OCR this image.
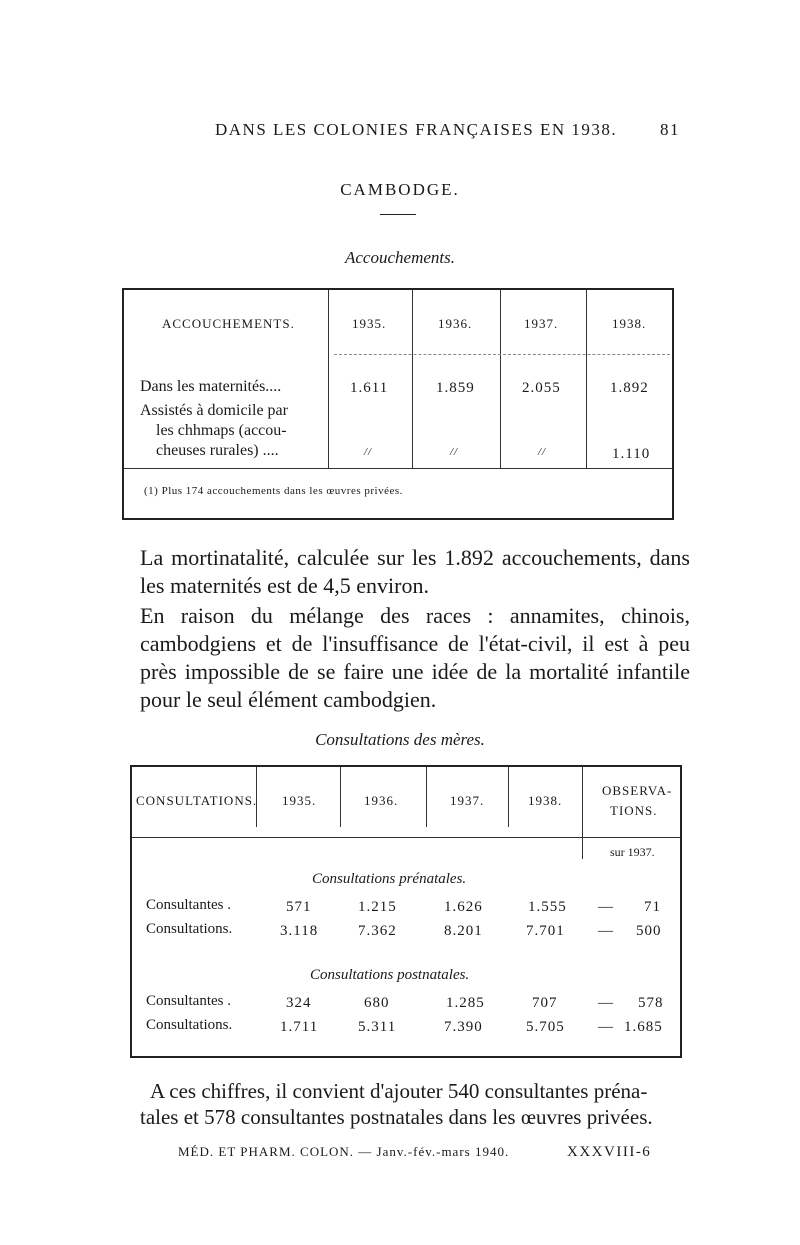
DANS LES COLONIES FRANÇAISES EN 1938.	81
CAMBODGE.
Accouchements.
ACCOUCHEMENTS.	1935.	1936.	1937.	1938.
Dans les maternités....	1.611	1.859	2.055	1.892
Assistés à domicile par
les chhmaps (accou-
cheuses rurales) ....	//	//	//	1.110
(1) Plus 174 accouchements dans les œuvres privées.

La mortinatalité, calculée sur les 1.892 accouchements, dans les maternités est de 4,5 environ.

En raison du mélange des races : annamites, chinois, cambodgiens et de l'insuffisance de l'état-civil, il est à peu près impossible de se faire une idée de la mortalité infantile pour le seul élément cambodgien.

Consultations des mères.
CONSULTATIONS. 1935.	1936.	1937.	1938.
OBSERVA-
TIONS.
sur 1937.
Consultations prénatales.
Consultantes .	571	1.215	1.626	1.555 — 71
Consultations.	3.118	7.362	8.201	7.701 — 500
Consultations postnatales.
Consultantes .	324	680	1.285	707	— 578
Consultations.	1.711	5.311	7.390	5.705 — 1.685
A ces chiffres, il convient d'ajouter 540 consultantes préna-
tales et 578 consultantes postnatales dans les œuvres privées.
MÉD. ET PHARM. COLON. — Janv.-fév.-mars 1940.	XXXVIII-6
